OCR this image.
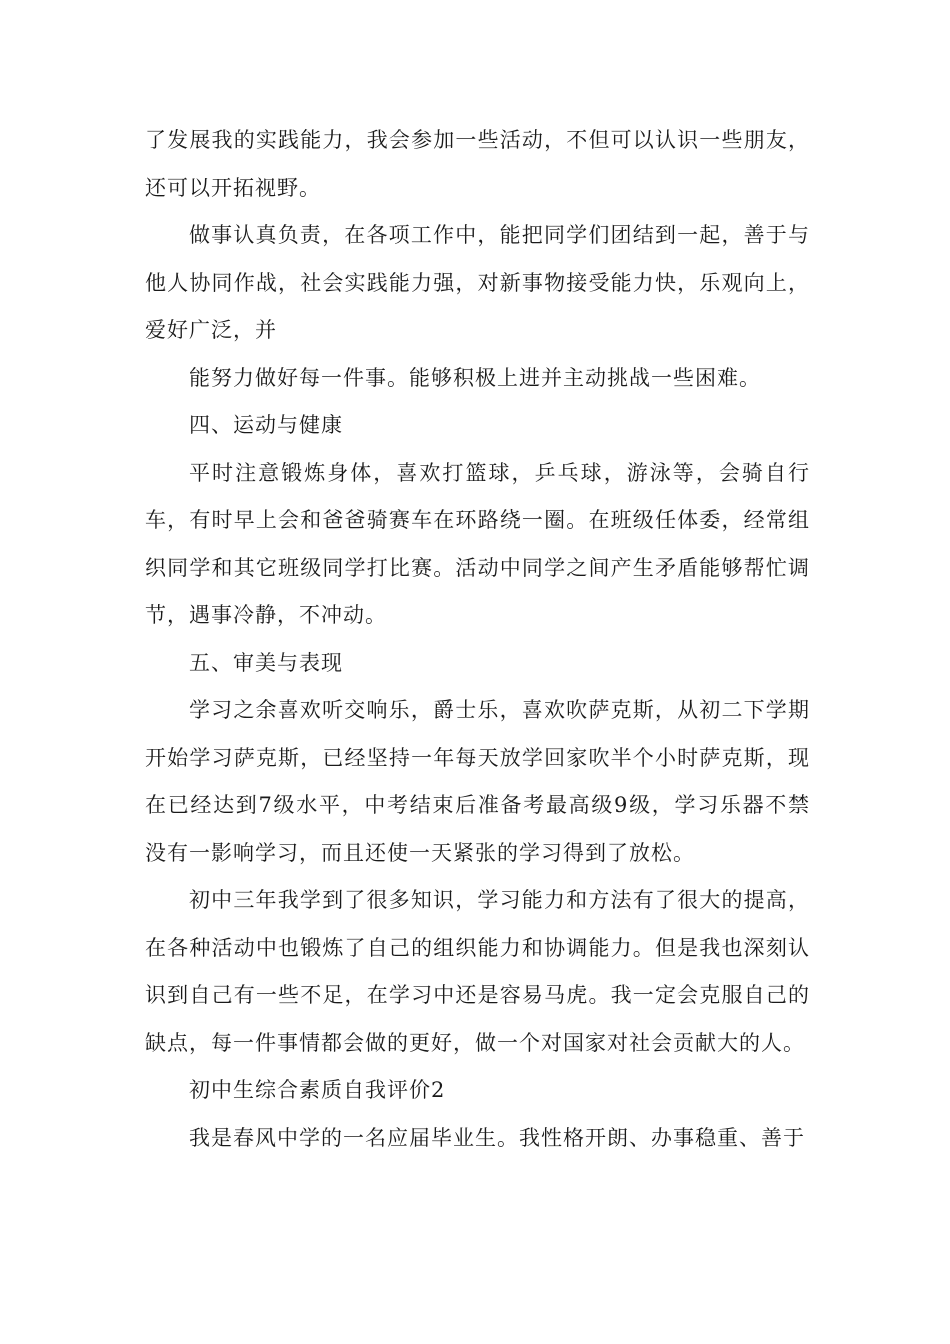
了发展我的实践能力，我会参加一些活动，不但可以认识一些朋友，还可以开拓视野。

做事认真负责，在各项工作中，能把同学们团结到一起，善于与他人协同作战，社会实践能力强，对新事物接受能力快，乐观向上，爱好广泛，并

能努力做好每一件事。能够积极上进并主动挑战一些困难。

四、运动与健康

平时注意锻炼身体，喜欢打篮球，乒乓球，游泳等，会骑自行车，有时早上会和爸爸骑赛车在环路绕一圈。在班级任体委，经常组织同学和其它班级同学打比赛。活动中同学之间产生矛盾能够帮忙调节，遇事冷静，不冲动。

五、审美与表现

学习之余喜欢听交响乐，爵士乐，喜欢吹萨克斯，从初二下学期开始学习萨克斯，已经坚持一年每天放学回家吹半个小时萨克斯，现在已经达到7级水平，中考结束后准备考最高级9级，学习乐器不禁没有一影响学习，而且还使一天紧张的学习得到了放松。

初中三年我学到了很多知识，学习能力和方法有了很大的提高，在各种活动中也锻炼了自己的组织能力和协调能力。但是我也深刻认识到自己有一些不足，在学习中还是容易马虎。我一定会克服自己的缺点，每一件事情都会做的更好，做一个对国家对社会贡献大的人。

初中生综合素质自我评价2

我是春风中学的一名应届毕业生。我性格开朗、办事稳重、善于
